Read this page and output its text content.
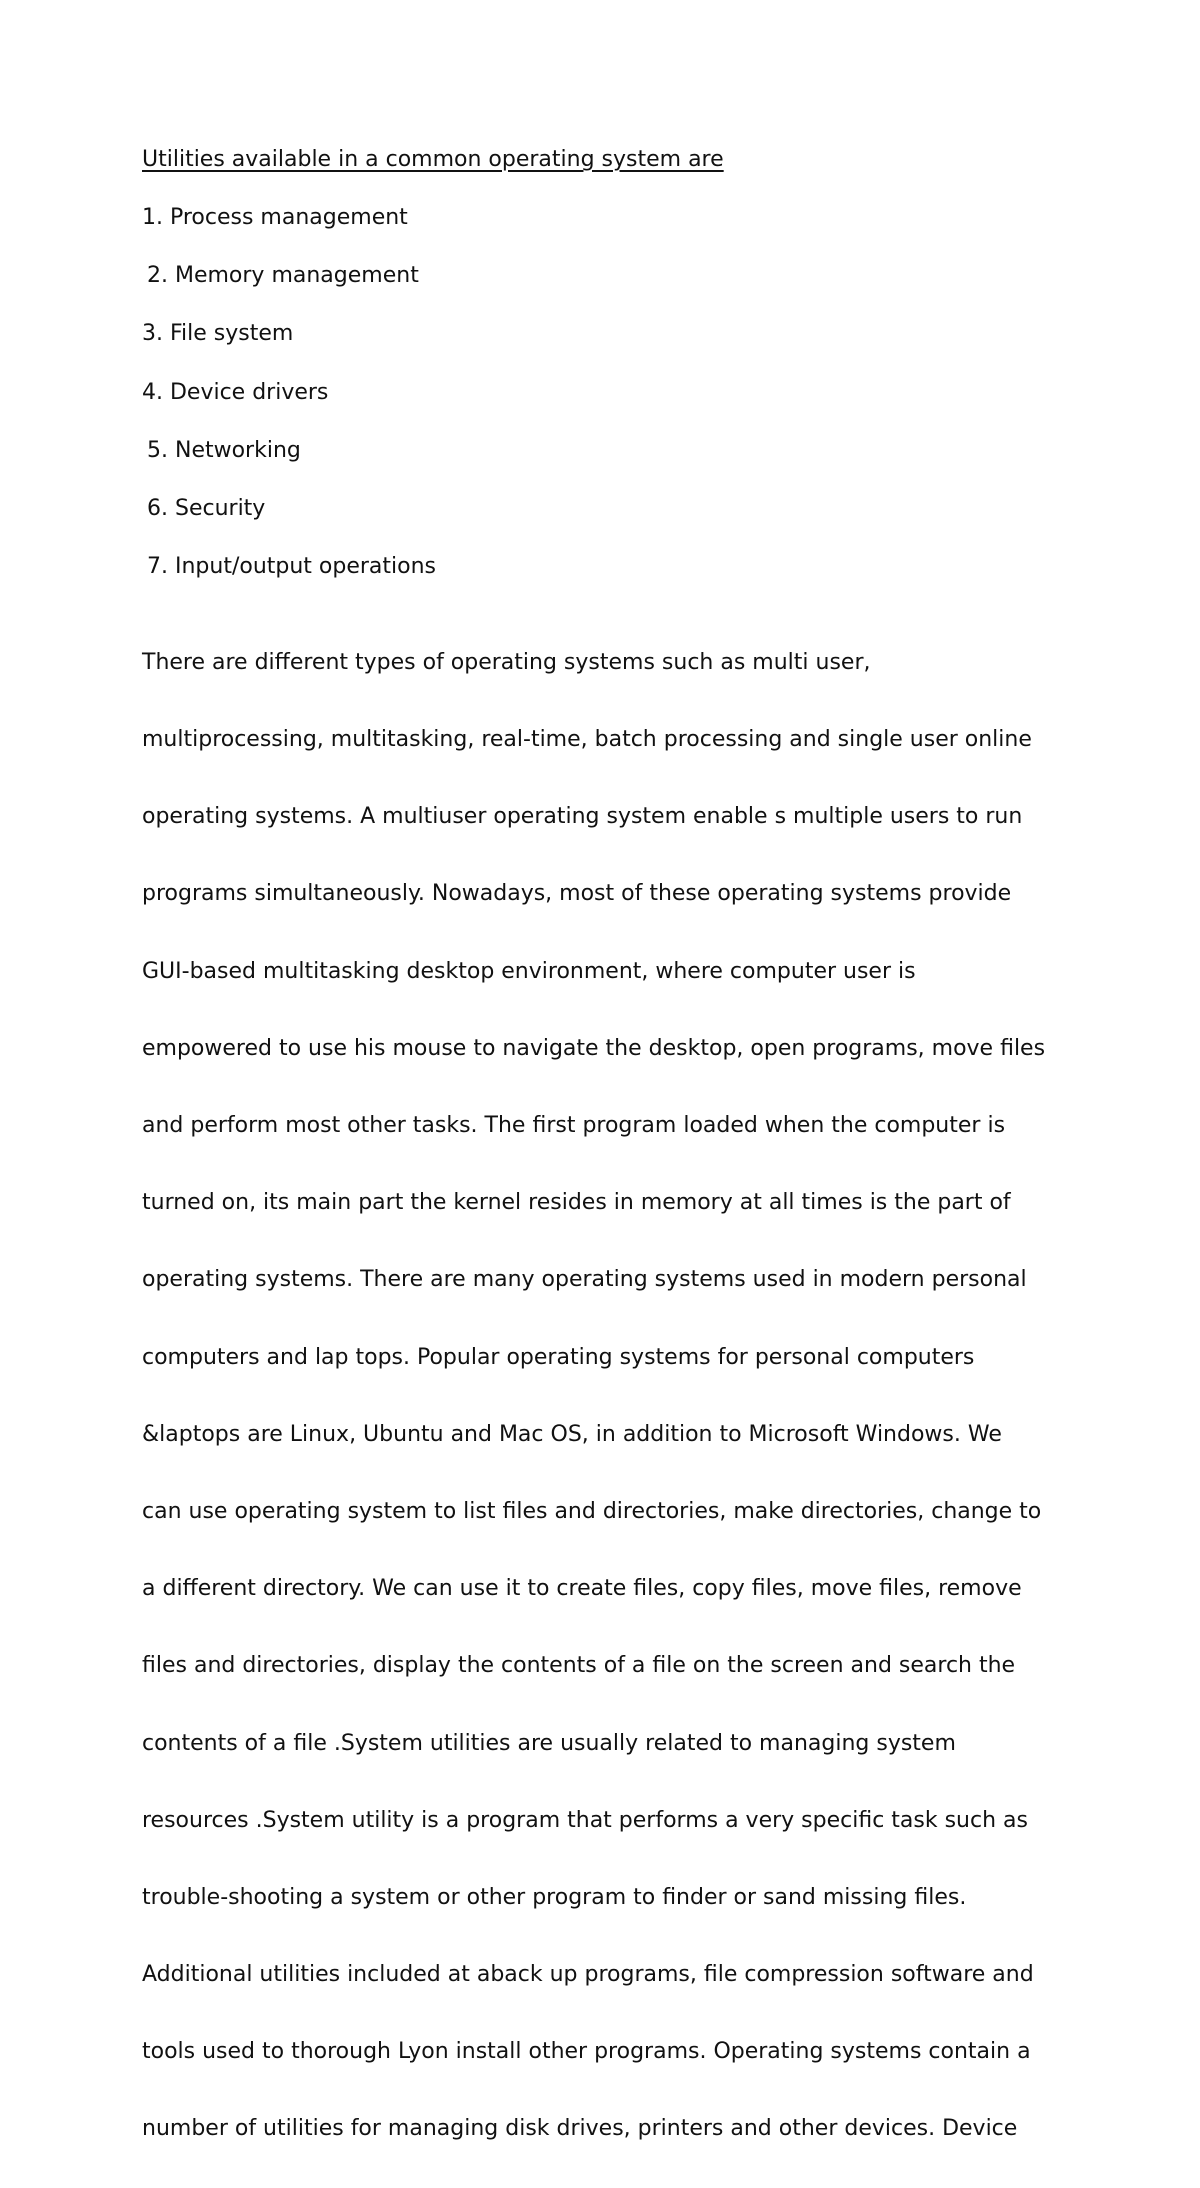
Utilities available in a common operating system are
1. Process management
2. Memory management
3. File system
4. Device drivers
5. Networking
6. Security
7. Input/output operations

There are different types of operating systems such as multi user,

multiprocessing, multitasking, real-time, batch processing and single user online

operating systems. A multiuser operating system enable s multiple users to run

programs simultaneously. Nowadays, most of these operating systems provide

GUI-based multitasking desktop environment, where computer user is

empowered to use his mouse to navigate the desktop, open programs, move files

and perform most other tasks. The first program loaded when the computer is

turned on, its main part the kernel resides in memory at all times is the part of

operating systems. There are many operating systems used in modern personal

computers and lap tops. Popular operating systems for personal computers

&laptops are Linux, Ubuntu and Mac OS, in addition to Microsoft Windows. We

can use operating system to list files and directories, make directories, change to

a different directory. We can use it to create files, copy files, move files, remove

files and directories, display the contents of a file on the screen and search the

contents of a file .System utilities are usually related to managing system

resources .System utility is a program that performs a very specific task such as

trouble-shooting a system or other program to finder or sand missing files.

Additional utilities included at aback up programs, file compression software and

tools used to thorough Lyon install other programs. Operating systems contain a

number of utilities for managing disk drives, printers and other devices. Device
